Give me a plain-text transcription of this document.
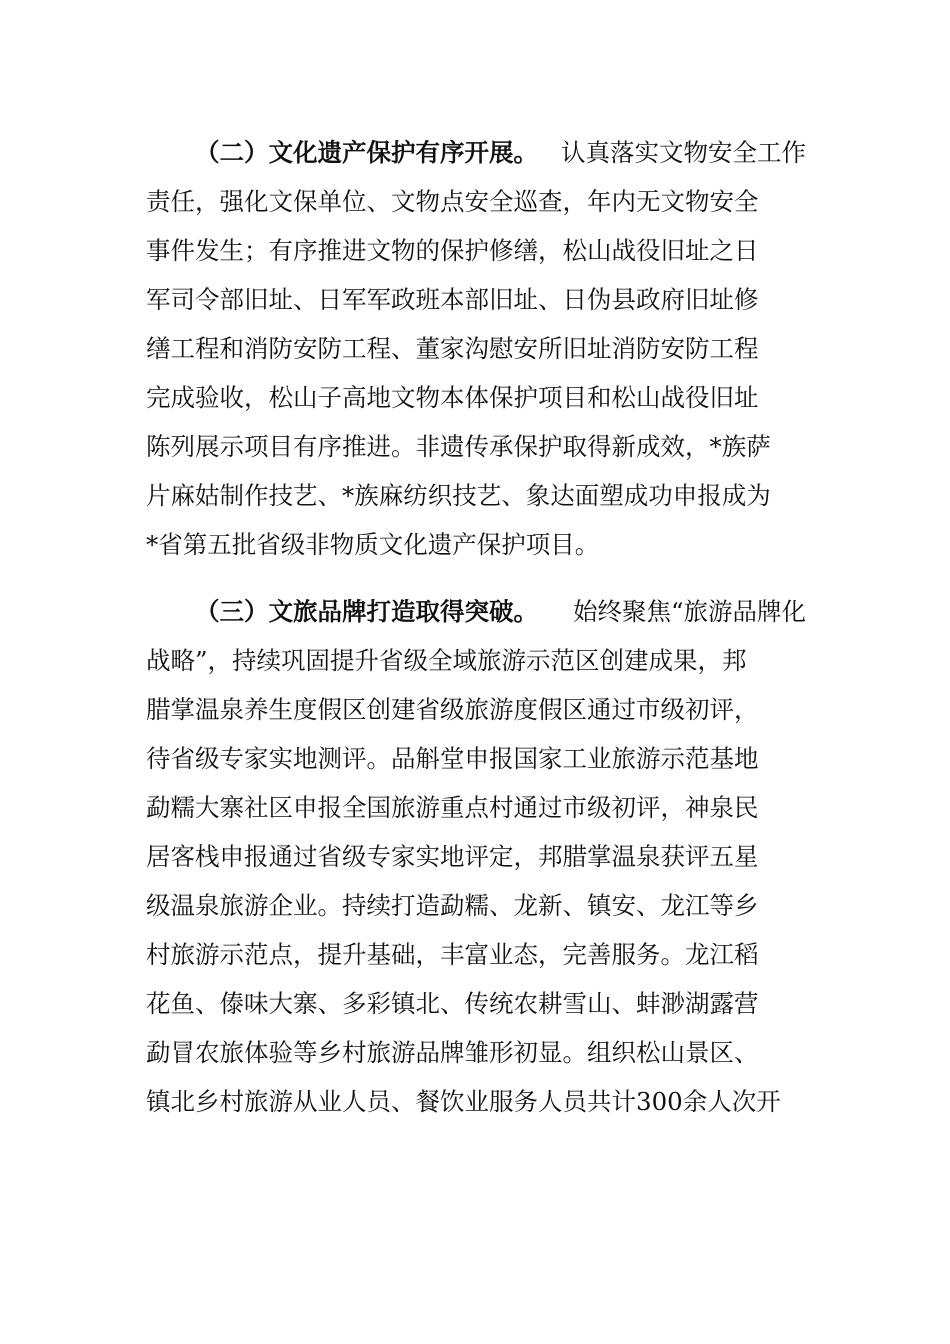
（二）文化遗产保护有序开展。 认真落实文物安全工作
责任，强化文保单位、文物点安全巡查，年内无文物安全
事件发生；有序推进文物的保护修缮，松山战役旧址之日
军司令部旧址、日军军政班本部旧址、日伪县政府旧址修
缮工程和消防安防工程、董家沟慰安所旧址消防安防工程
完成验收，松山子高地文物本体保护项目和松山战役旧址
陈列展示项目有序推进。非遗传承保护取得新成效，*族萨
片麻姑制作技艺、*族麻纺织技艺、象达面塑成功申报成为
*省第五批省级非物质文化遗产保护项目。
（三）文旅品牌打造取得突破。 始终聚焦“旅游品牌化
战略”，持续巩固提升省级全域旅游示范区创建成果，邦
腊掌温泉养生度假区创建省级旅游度假区通过市级初评，
待省级专家实地测评。品斛堂申报国家工业旅游示范基地
勐糯大寨社区申报全国旅游重点村通过市级初评，神泉民
居客栈申报通过省级专家实地评定，邦腊掌温泉获评五星
级温泉旅游企业。持续打造勐糯、龙新、镇安、龙江等乡
村旅游示范点，提升基础，丰富业态，完善服务。龙江稻
花鱼、傣味大寨、多彩镇北、传统农耕雪山、蚌渺湖露营
勐冒农旅体验等乡村旅游品牌雏形初显。组织松山景区、
镇北乡村旅游从业人员、餐饮业服务人员共计300余人次开
